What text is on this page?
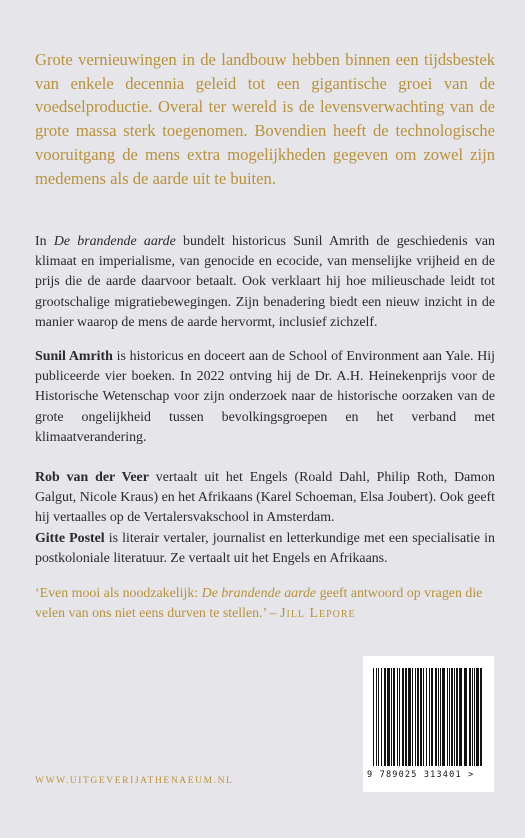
Grote vernieuwingen in de landbouw hebben binnen een tijdsbestek van enkele decennia geleid tot een gigantische groei van de voedselproductie. Overal ter wereld is de levensverwachting van de grote massa sterk toegenomen. Bovendien heeft de technologische vooruitgang de mens extra mogelijkheden gegeven om zowel zijn medemens als de aarde uit te buiten.

In De brandende aarde bundelt historicus Sunil Amrith de geschiedenis van klimaat en imperialisme, van genocide en ecocide, van menselijke vrijheid en de prijs die de aarde daarvoor betaalt. Ook verklaart hij hoe milieuschade leidt tot grootschalige migratiebewegingen. Zijn benadering biedt een nieuw inzicht in de manier waarop de mens de aarde hervormt, inclusief zichzelf.

Sunil Amrith is historicus en doceert aan de School of Environment aan Yale. Hij publiceerde vier boeken. In 2022 ontving hij de Dr. A.H. Heinekenprijs voor de Historische Wetenschap voor zijn onderzoek naar de historische oorzaken van de grote ongelijkheid tussen bevolkingsgroepen en het verband met klimaatverandering.

Rob van der Veer vertaalt uit het Engels (Roald Dahl, Philip Roth, Damon Galgut, Nicole Kraus) en het Afrikaans (Karel Schoeman, Elsa Joubert). Ook geeft hij vertaalles op de Vertalersvakschool in Amsterdam.

Gitte Postel is literair vertaler, journalist en letterkundige met een specialisatie in postkoloniale literatuur. Ze vertaalt uit het Engels en Afrikaans.

‘Even mooi als noodzakelijk: De brandende aarde geeft antwoord op vragen die velen van ons niet eens durven te stellen.’ – Jill Lepore

WWW.UITGEVERIJATHENAEUM.NL
9 789025 313401 >
